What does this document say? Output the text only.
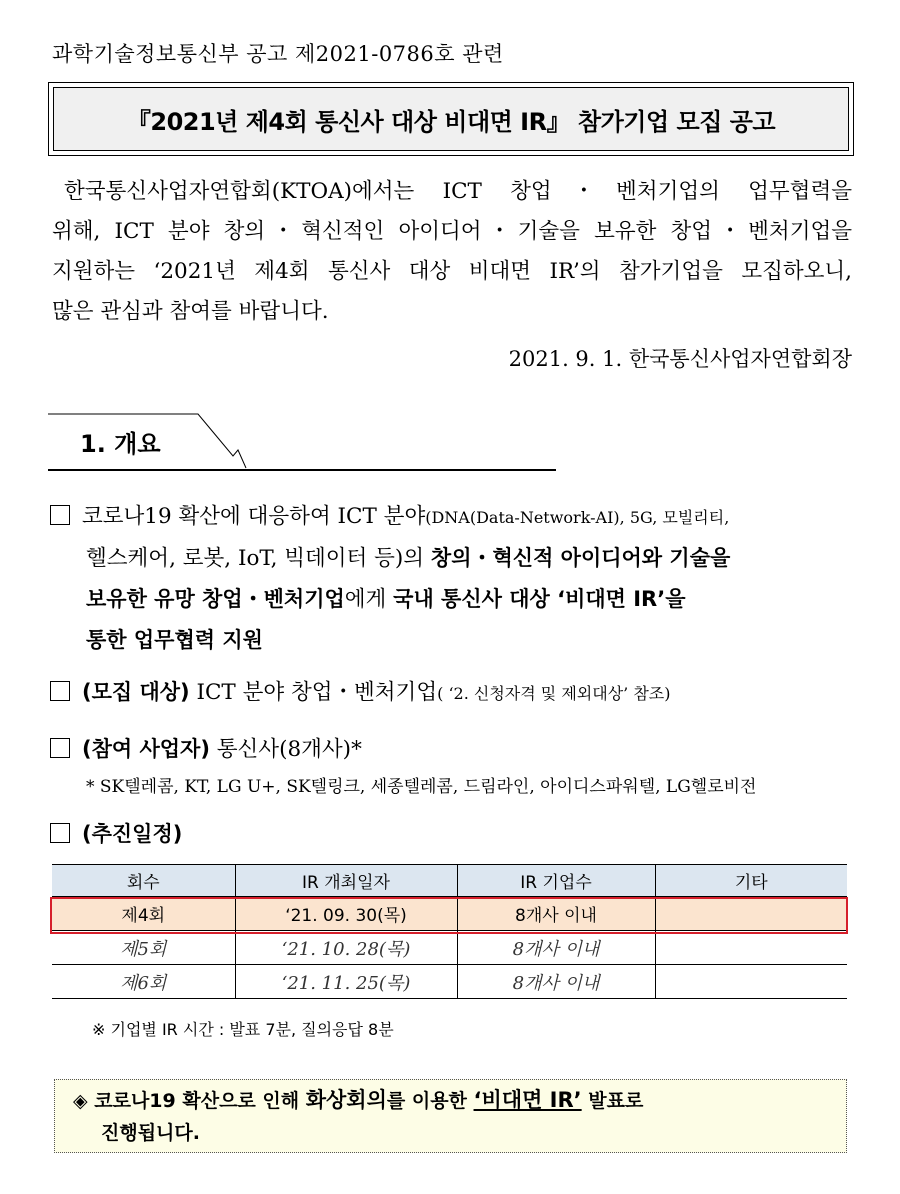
과학기술정보통신부 공고 제2021-0786호 관련
『2021년 제4회 통신사 대상 비대면 IR』 참가기업 모집 공고

한국통신사업자연합회(KTOA)에서는 ICT 창업・벤처기업의 업무협력을

위해, ICT 분야 창의・혁신적인 아이디어・기술을 보유한 창업・벤처기업을

지원하는 ‘2021년 제4회 통신사 대상 비대면 IR’의 참가기업을 모집하오니,

많은 관심과 참여를 바랍니다.

2021. 9. 1. 한국통신사업자연합회장
1. 개요
코로나19 확산에 대응하여 ICT 분야(DNA(Data-Network-AI), 5G, 모빌리티,
헬스케어, 로봇, IoT, 빅데이터 등)의 창의・혁신적 아이디어와 기술을
보유한 유망 창업・벤처기업에게 국내 통신사 대상 ‘비대면 IR’을
통한 업무협력 지원
(모집 대상) ICT 분야 창업・벤처기업( ‘2. 신청자격 및 제외대상’ 참조)
(참여 사업자) 통신사(8개사)*
* SK텔레콤, KT, LG U+, SK텔링크, 세종텔레콤, 드림라인, 아이디스파워텔, LG헬로비전
(추진일정)
회수	IR 개최일자	IR 기업수	기타
제4회	‘21. 09. 30(목)	8개사 이내	
제5회	‘21. 10. 28(목)	8개사 이내	
제6회	‘21. 11. 25(목)	8개사 이내	
※ 기업별 IR 시간 : 발표 7분, 질의응답 8분
◈ 코로나19 확산으로 인해 화상회의를 이용한 ‘비대면 IR’ 발표로
진행됩니다.
